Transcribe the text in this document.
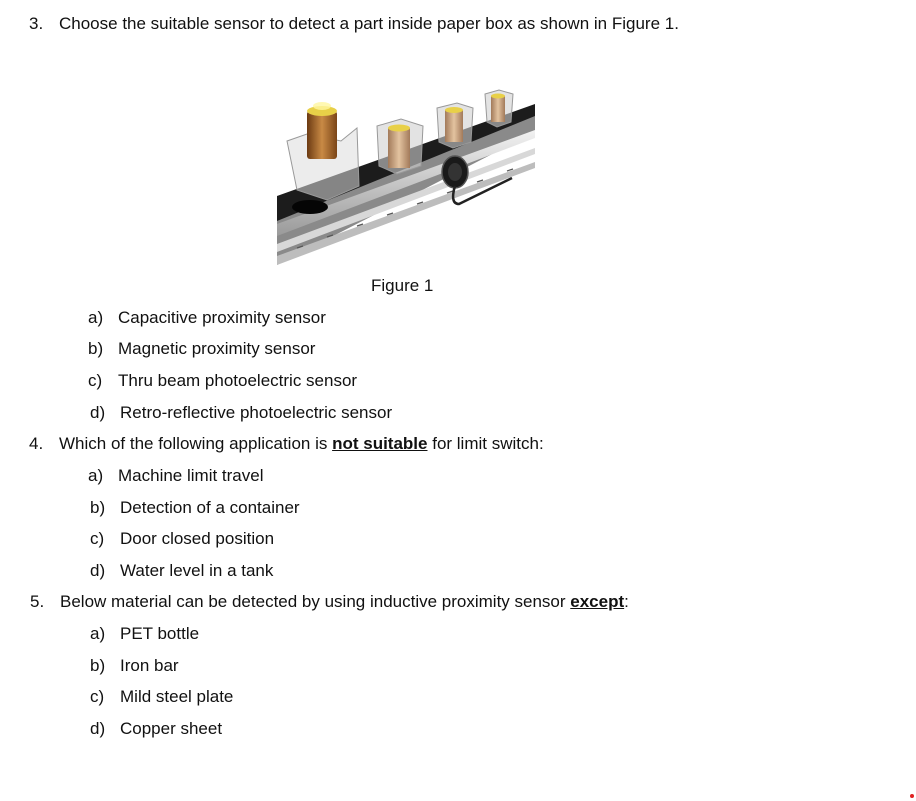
3. Choose the suitable sensor to detect a part inside paper box as shown in Figure 1.
Figure 1
a) Capacitive proximity sensor
b) Magnetic proximity sensor
c) Thru beam photoelectric sensor
d) Retro-reflective photoelectric sensor
4. Which of the following application is not suitable for limit switch:
a) Machine limit travel
b) Detection of a container
c) Door closed position
d) Water level in a tank
5. Below material can be detected by using inductive proximity sensor except:
a) PET bottle
b) Iron bar
c) Mild steel plate
d) Copper sheet
